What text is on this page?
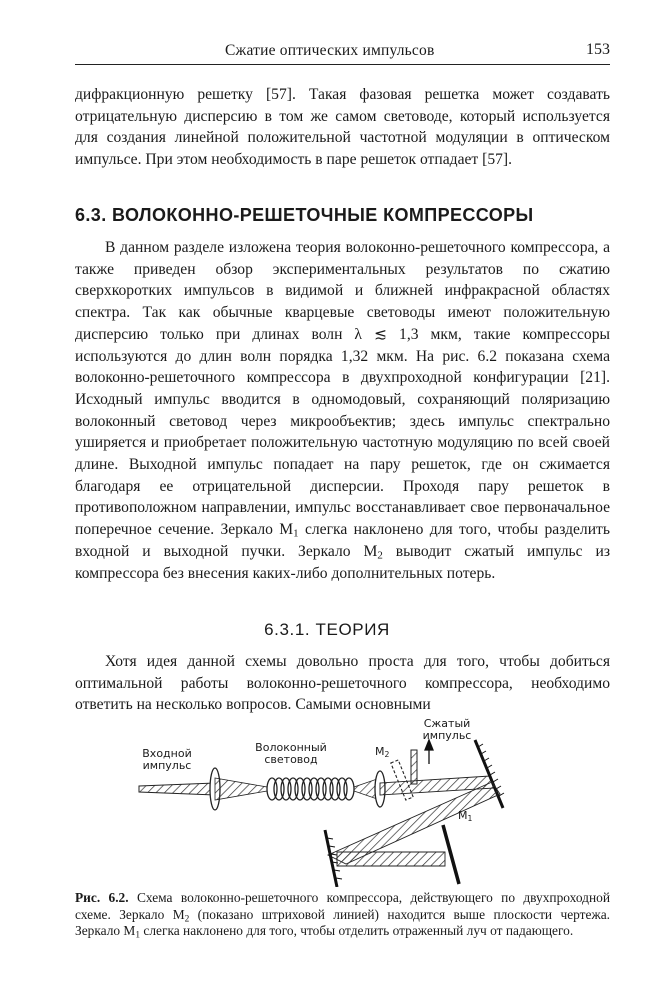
Сжатие оптических импульсов	153

дифракционную решетку [57]. Такая фазовая решетка может создавать отрицательную дисперсию в том же самом световоде, который используется для создания линейной положительной частотной модуляции в оптическом импульсе. При этом необходимость в паре решеток отпадает [57].

6.3. ВОЛОКОННО-РЕШЕТОЧНЫЕ КОМПРЕССОРЫ

В данном разделе изложена теория волоконно-решеточного компрессора, а также приведен обзор экспериментальных результатов по сжатию сверхкоротких импульсов в видимой и ближней инфракрасной областях спектра. Так как обычные кварцевые световоды имеют положительную дисперсию только при длинах волн λ ≲ 1,3 мкм, такие компрессоры используются до длин волн порядка 1,32 мкм. На рис. 6.2 показана схема волоконно-решеточного компрессора в двухпроходной конфигурации [21]. Исходный импульс вводится в одномодовый, сохраняющий поляризацию волоконный световод через микрообъектив; здесь импульс спектрально уширяется и приобретает положительную частотную модуляцию по всей своей длине. Выходной импульс попадает на пару решеток, где он сжимается благодаря ее отрицательной дисперсии. Проходя пару решеток в противоположном направлении, импульс восстанавливает свое первоначальное поперечное сечение. Зеркало $M_1$ слегка наклонено для того, чтобы разделить входной и выходной пучки. Зеркало $M_2$ выводит сжатый импульс из компрессора без внесения каких-либо дополнительных потерь.

6.3.1. ТЕОРИЯ

Хотя идея данной схемы довольно проста для того, чтобы добиться оптимальной работы волоконно-решеточного компрессора, необходимо ответить на несколько вопросов. Самыми основными

Входной
импульс
Волоконный
световод
Сжатый
импульс
$M_2$
$M_1$
Рис. 6.2. Схема волоконно-решеточного компрессора, действующего по двухпроходной схеме. Зеркало $M_2$ (показано штриховой линией) находится выше плоскости чертежа. Зеркало $M_1$ слегка наклонено для того, чтобы отделить отраженный луч от падающего.
